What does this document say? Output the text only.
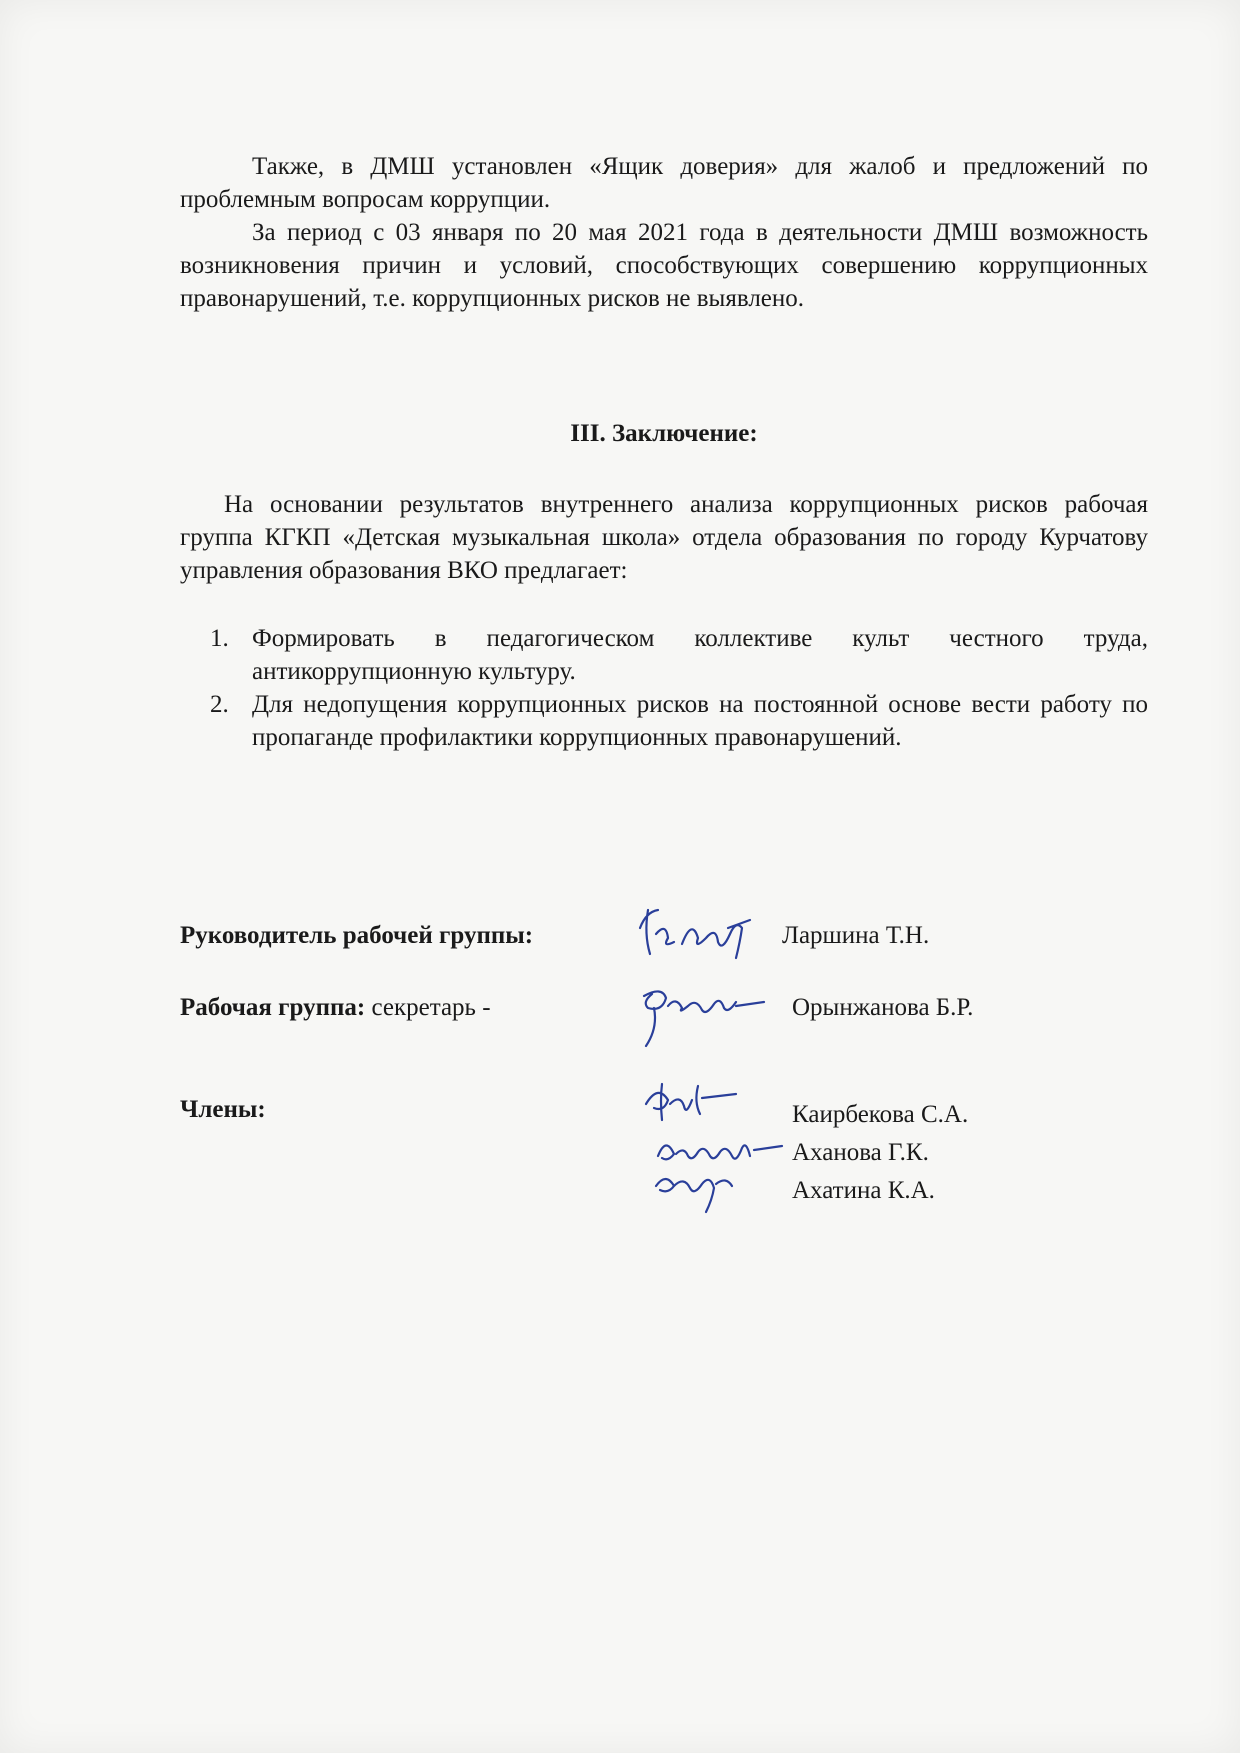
Также, в ДМШ установлен «Ящик доверия» для жалоб и предложений по проблемным вопросам коррупции.

За период с 03 января по 20 мая 2021 года в деятельности ДМШ возможность возникновения причин и условий, способствующих совершению коррупционных правонарушений, т.е. коррупционных рисков не выявлено.

III. Заключение:

На основании результатов внутреннего анализа коррупционных рисков рабочая группа КГКП «Детская музыкальная школа» отдела образования по городу Курчатову управления образования ВКО предлагает:

1. Формировать в педагогическом коллективе культ честного труда, антикоррупционную культуру.
2. Для недопущения коррупционных рисков на постоянной основе вести работу по пропаганде профилактики коррупционных правонарушений.
Руководитель рабочей группы:	Ларшина Т.Н.
Рабочая группа: секретарь -	Орынжанова Б.Р.
Члены:	Каирбекова С.А.
Аханова Г.К.
Ахатина К.А.
